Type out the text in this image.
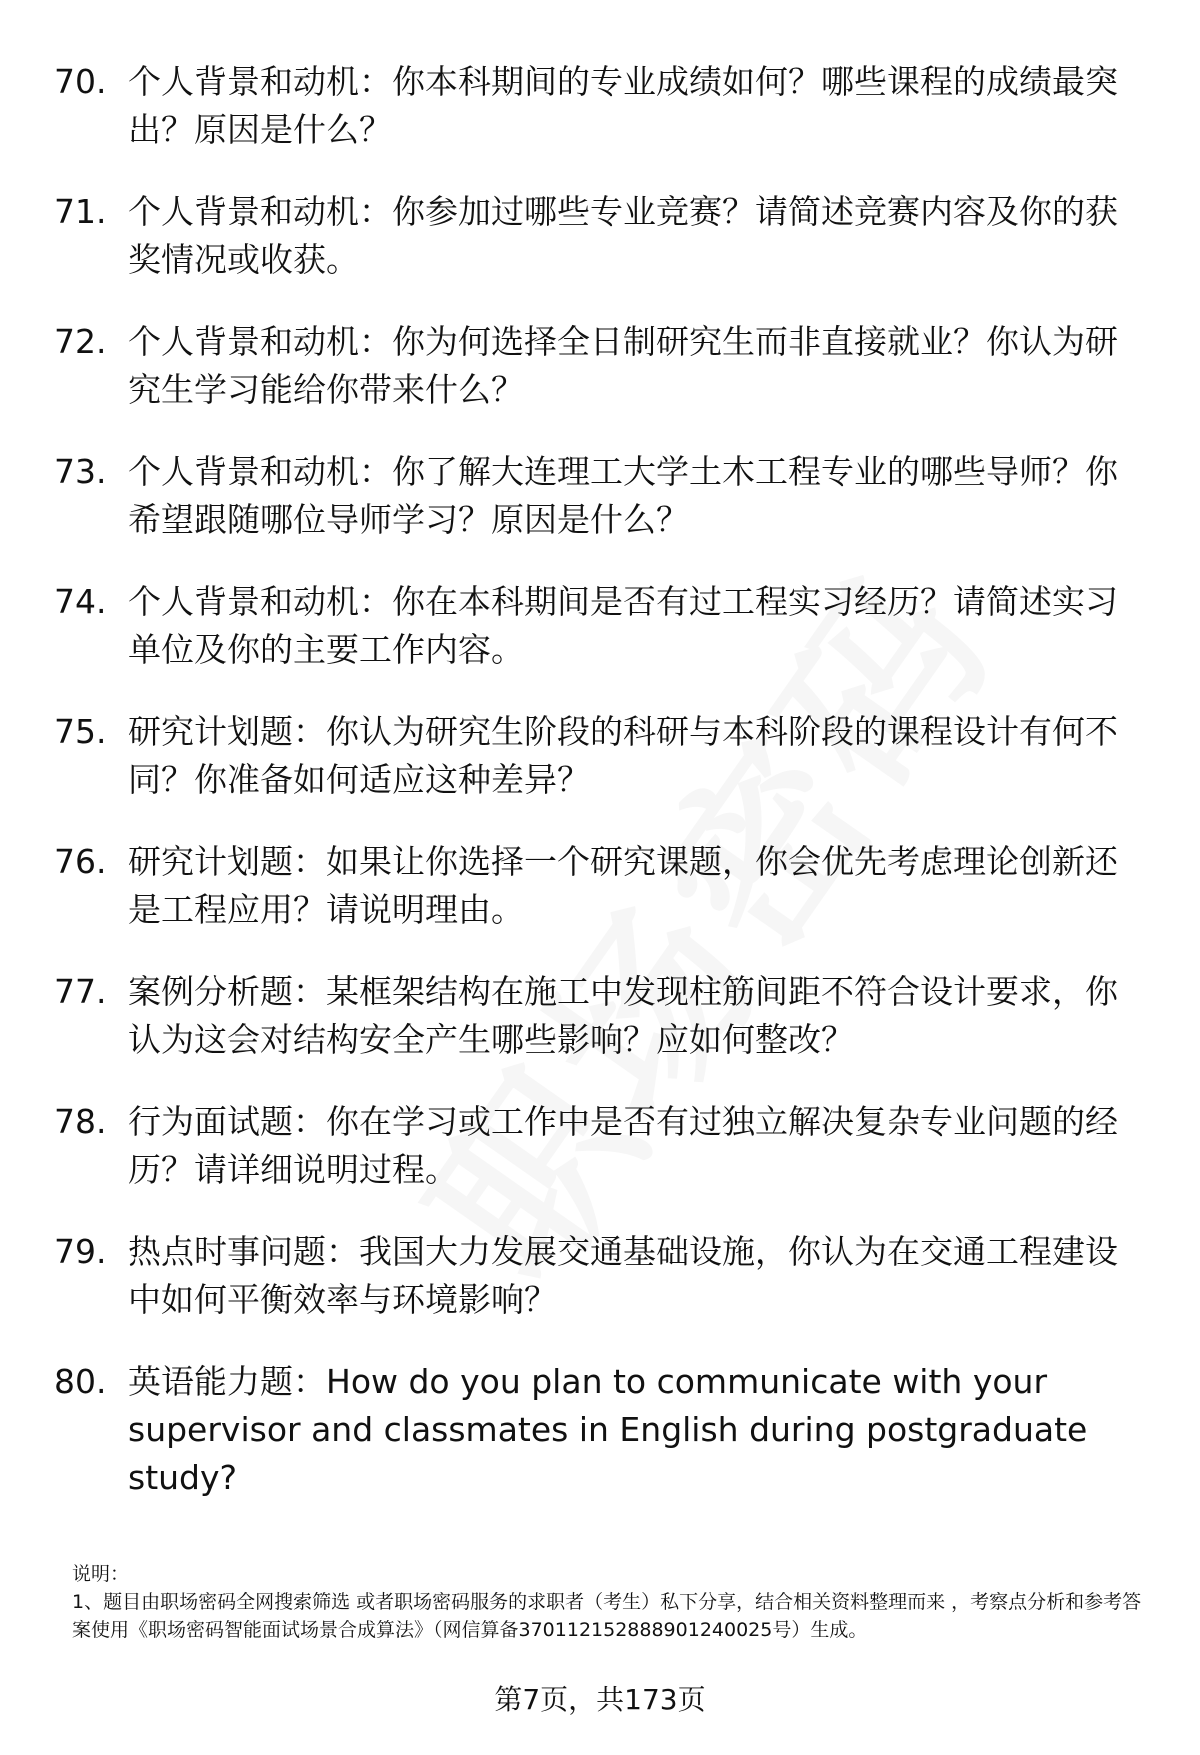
70. 个人背景和动机：你本科期间的专业成绩如何？哪些课程的成绩最突出？原因是什么？
71. 个人背景和动机：你参加过哪些专业竞赛？请简述竞赛内容及你的获奖情况或收获。
72. 个人背景和动机：你为何选择全日制研究生而非直接就业？你认为研究生学习能给你带来什么？
73. 个人背景和动机：你了解大连理工大学土木工程专业的哪些导师？你希望跟随哪位导师学习？原因是什么？
74. 个人背景和动机：你在本科期间是否有过工程实习经历？请简述实习单位及你的主要工作内容。
75. 研究计划题：你认为研究生阶段的科研与本科阶段的课程设计有何不同？你准备如何适应这种差异？
76. 研究计划题：如果让你选择一个研究课题，你会优先考虑理论创新还是工程应用？请说明理由。
77. 案例分析题：某框架结构在施工中发现柱筋间距不符合设计要求，你认为这会对结构安全产生哪些影响？应如何整改？
78. 行为面试题：你在学习或工作中是否有过独立解决复杂专业问题的经历？请详细说明过程。
79. 热点时事问题：我国大力发展交通基础设施，你认为在交通工程建设中如何平衡效率与环境影响？
80. 英语能力题：How do you plan to communicate with your supervisor and classmates in English during postgraduate study?
说明：
1、题目由职场密码全网搜索筛选 或者职场密码服务的求职者（考生）私下分享，结合相关资料整理而来 ，考察点分析和参考答案使用《职场密码智能面试场景合成算法》（网信算备370112152888901240025号）生成。
第7页，共173页
